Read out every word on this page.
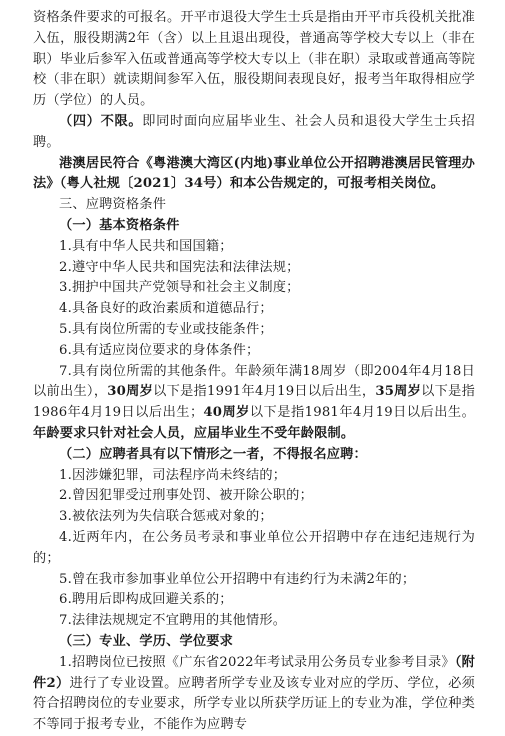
资格条件要求的可报名。开平市退役大学生士兵是指由开平市兵役机关批准入伍，服役期满2年（含）以上且退出现役，普通高等学校大专以上（非在职）毕业后参军入伍或普通高等学校大专以上（非在职）录取或普通高等院校（非在职）就读期间参军入伍，服役期间表现良好，报考当年取得相应学历（学位）的人员。

（四）不限。即同时面向应届毕业生、社会人员和退役大学生士兵招聘。

港澳居民符合《粤港澳大湾区(内地)事业单位公开招聘港澳居民管理办法》（粤人社规〔2021〕34号）和本公告规定的，可报考相关岗位。

三、应聘资格条件

（一）基本资格条件

1.具有中华人民共和国国籍；

2.遵守中华人民共和国宪法和法律法规；

3.拥护中国共产党领导和社会主义制度；

4.具备良好的政治素质和道德品行；

5.具有岗位所需的专业或技能条件；

6.具有适应岗位要求的身体条件；

7.具有岗位所需的其他条件。年龄须年满18周岁（即2004年4月18日以前出生），30周岁以下是指1991年4月19日以后出生，35周岁以下是指1986年4月19日以后出生；40周岁以下是指1981年4月19日以后出生。年龄要求只针对社会人员，应届毕业生不受年龄限制。

（二）应聘者具有以下情形之一者，不得报名应聘：

1.因涉嫌犯罪，司法程序尚未终结的；

2.曾因犯罪受过刑事处罚、被开除公职的；

3.被依法列为失信联合惩戒对象的；

4.近两年内，在公务员考录和事业单位公开招聘中存在违纪违规行为的；

5.曾在我市参加事业单位公开招聘中有违约行为未满2年的；

6.聘用后即构成回避关系的；

7.法律法规规定不宜聘用的其他情形。

（三）专业、学历、学位要求

1.招聘岗位已按照《广东省2022年考试录用公务员专业参考目录》（附件2）进行了专业设置。应聘者所学专业及该专业对应的学历、学位，必须符合招聘岗位的专业要求，所学专业以所获学历证上的专业为准，学位种类不等同于报考专业，不能作为应聘专
